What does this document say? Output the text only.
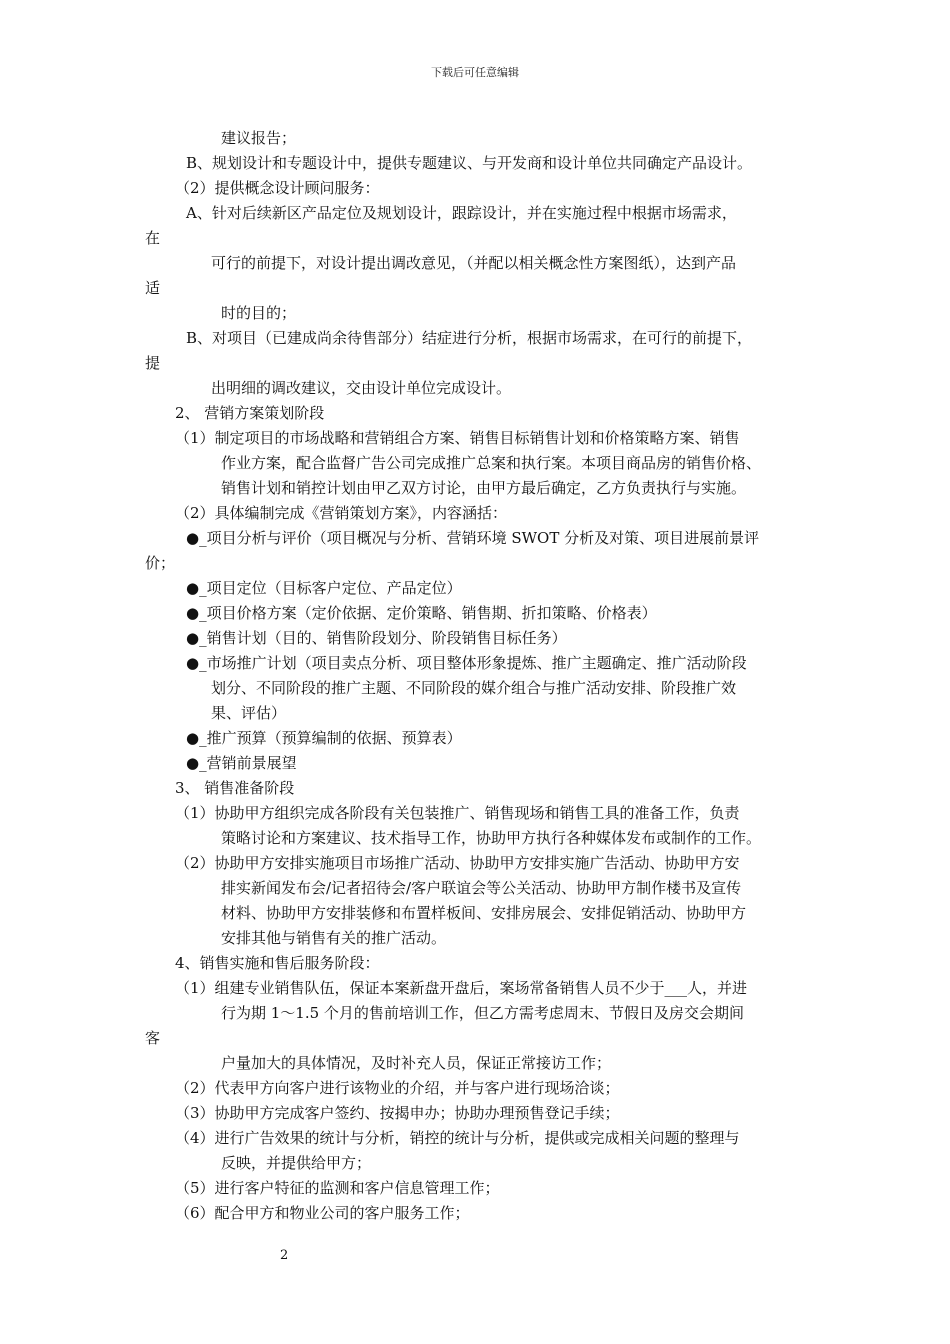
下载后可任意编辑
建议报告；
B、规划设计和专题设计中，提供专题建议、与开发商和设计单位共同确定产品设计。
（2）提供概念设计顾问服务：
A、针对后续新区产品定位及规划设计，跟踪设计，并在实施过程中根据市场需求，
在
可行的前提下，对设计提出调改意见，（并配以相关概念性方案图纸），达到产品
适
时的目的；
B、对项目（已建成尚余待售部分）结症进行分析，根据市场需求，在可行的前提下，
提
出明细的调改建议，交由设计单位完成设计。
2、 营销方案策划阶段
（1）制定项目的市场战略和营销组合方案、销售目标销售计划和价格策略方案、销售
作业方案，配合监督广告公司完成推广总案和执行案。本项目商品房的销售价格、
销售计划和销控计划由甲乙双方讨论，由甲方最后确定，乙方负责执行与实施。
（2）具体编制完成《营销策划方案》，内容涵括：
●_项目分析与评价（项目概况与分析、营销环境 SWOT 分析及对策、项目进展前景评
价；
●_项目定位（目标客户定位、产品定位）
●_项目价格方案（定价依据、定价策略、销售期、折扣策略、价格表）
●_销售计划（目的、销售阶段划分、阶段销售目标任务）
●_市场推广计划（项目卖点分析、项目整体形象提炼、推广主题确定、推广活动阶段
划分、不同阶段的推广主题、不同阶段的媒介组合与推广活动安排、阶段推广效
果、评估）
●_推广预算（预算编制的依据、预算表）
●_营销前景展望
3、 销售准备阶段
（1）协助甲方组织完成各阶段有关包装推广、销售现场和销售工具的准备工作，负责
策略讨论和方案建议、技术指导工作，协助甲方执行各种媒体发布或制作的工作。
（2）协助甲方安排实施项目市场推广活动、协助甲方安排实施广告活动、协助甲方安
排实新闻发布会/记者招待会/客户联谊会等公关活动、协助甲方制作楼书及宣传
材料、协助甲方安排装修和布置样板间、安排房展会、安排促销活动、协助甲方
安排其他与销售有关的推广活动。
4、销售实施和售后服务阶段：
（1）组建专业销售队伍，保证本案新盘开盘后，案场常备销售人员不少于___人，并进
行为期 1～1.5 个月的售前培训工作，但乙方需考虑周末、节假日及房交会期间
客
户量加大的具体情况，及时补充人员，保证正常接访工作；
（2）代表甲方向客户进行该物业的介绍，并与客户进行现场洽谈；
（3）协助甲方完成客户签约、按揭申办；协助办理预售登记手续；
（4）进行广告效果的统计与分析，销控的统计与分析，提供或完成相关问题的整理与
反映，并提供给甲方；
（5）进行客户特征的监测和客户信息管理工作；
（6）配合甲方和物业公司的客户服务工作；
2
